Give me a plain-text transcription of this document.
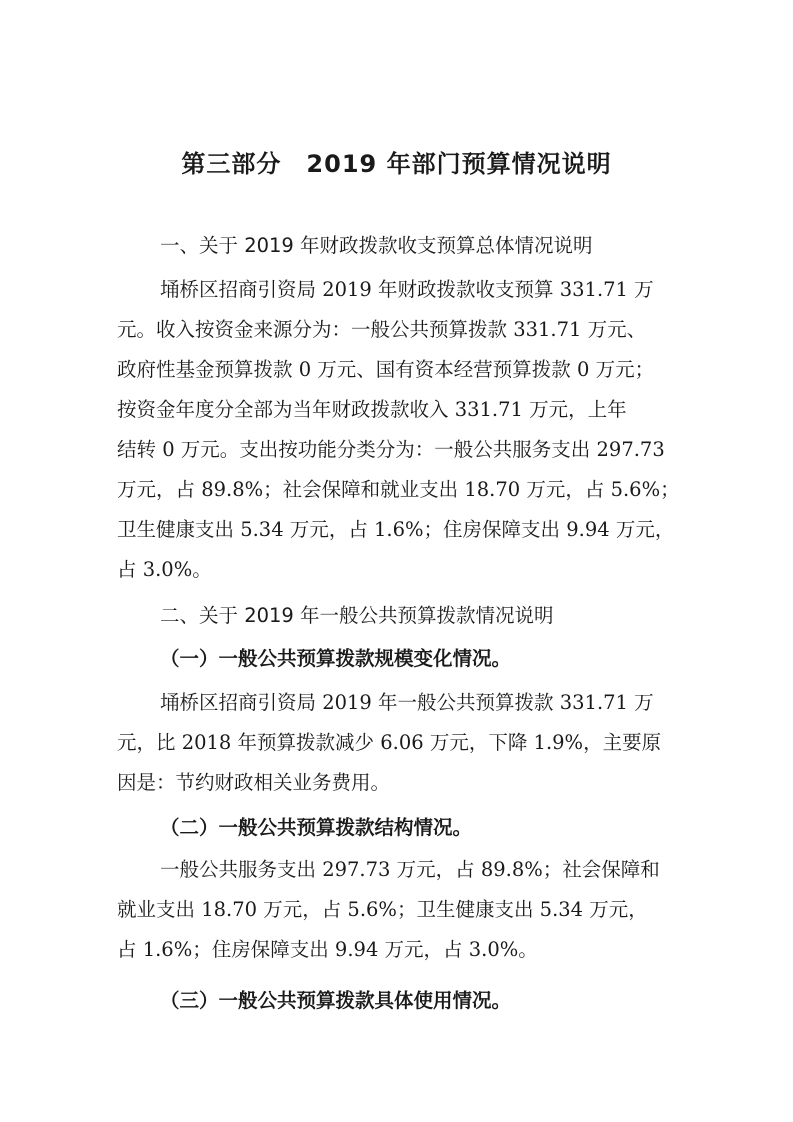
第三部分　2019 年部门预算情况说明
一、关于 2019 年财政拨款收支预算总体情况说明
埇桥区招商引资局 2019 年财政拨款收支预算 331.71 万
元。收入按资金来源分为：一般公共预算拨款 331.71 万元、
政府性基金预算拨款 0 万元、国有资本经营预算拨款 0 万元；
按资金年度分全部为当年财政拨款收入 331.71 万元，上年
结转 0 万元。支出按功能分类分为：一般公共服务支出 297.73
万元，占 89.8%；社会保障和就业支出 18.70 万元，占 5.6%；
卫生健康支出 5.34 万元，占 1.6%；住房保障支出 9.94 万元，
占 3.0%。
二、关于 2019 年一般公共预算拨款情况说明
（一）一般公共预算拨款规模变化情况。
埇桥区招商引资局 2019 年一般公共预算拨款 331.71 万
元，比 2018 年预算拨款减少 6.06 万元，下降 1.9%，主要原
因是：节约财政相关业务费用。
（二）一般公共预算拨款结构情况。
一般公共服务支出 297.73 万元，占 89.8%；社会保障和
就业支出 18.70 万元，占 5.6%；卫生健康支出 5.34 万元，
占 1.6%；住房保障支出 9.94 万元，占 3.0%。
（三）一般公共预算拨款具体使用情况。
